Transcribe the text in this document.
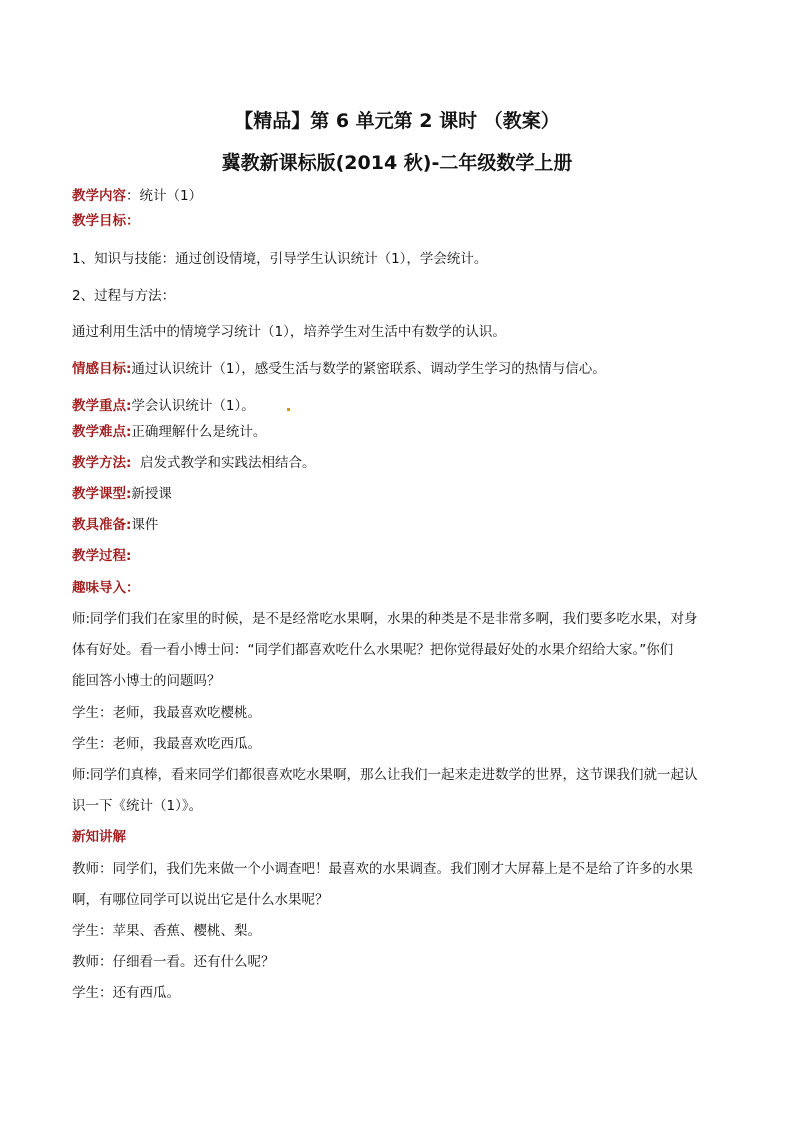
【精品】第 6 单元第 2 课时 （教案）
冀教新课标版(2014 秋)-二年级数学上册
教学内容：统计（1）
教学目标：
1、知识与技能：通过创设情境，引导学生认识统计（1），学会统计。
2、过程与方法：
通过利用生活中的情境学习统计（1），培养学生对生活中有数学的认识。
情感目标:通过认识统计（1），感受生活与数学的紧密联系、调动学生学习的热情与信心。
教学重点:学会认识统计（1）。
教学难点:正确理解什么是统计。
教学方法:  启发式教学和实践法相结合。
教学课型:新授课
教具准备:课件
教学过程:
趣味导入：
师:同学们我们在家里的时候，是不是经常吃水果啊，水果的种类是不是非常多啊，我们要多吃水果，对身
体有好处。看一看小博士问：“同学们都喜欢吃什么水果呢？把你觉得最好处的水果介绍给大家。”你们
能回答小博士的问题吗？
学生：老师，我最喜欢吃樱桃。
学生：老师，我最喜欢吃西瓜。
师:同学们真棒，看来同学们都很喜欢吃水果啊，那么让我们一起来走进数学的世界，这节课我们就一起认
识一下《统计（1）》。
新知讲解
教师：同学们，我们先来做一个小调查吧！最喜欢的水果调查。我们刚才大屏幕上是不是给了许多的水果
啊，有哪位同学可以说出它是什么水果呢？
学生：苹果、香蕉、樱桃、梨。
教师：仔细看一看。还有什么呢？
学生：还有西瓜。
